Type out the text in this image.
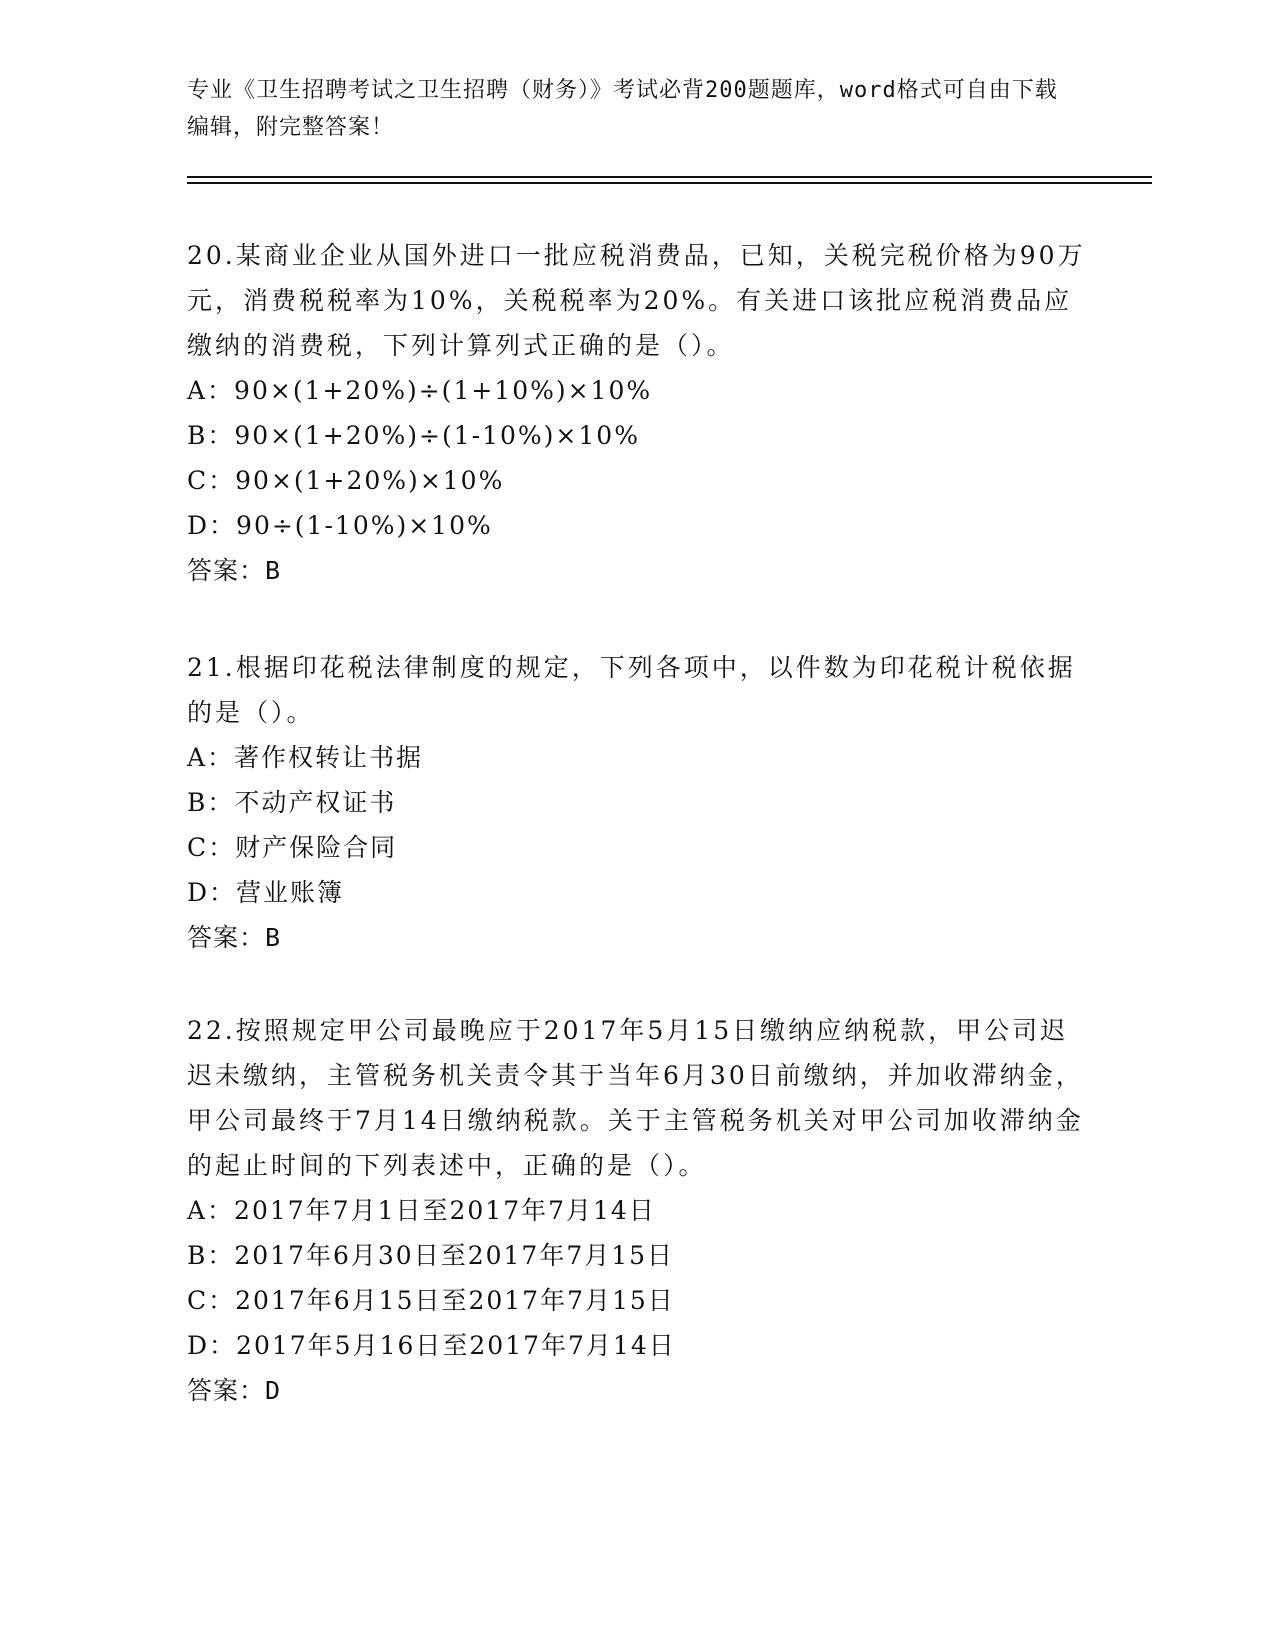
专业《卫生招聘考试之卫生招聘（财务）》考试必背200题题库，word格式可自由下载编辑，附完整答案！

20.某商业企业从国外进口一批应税消费品，已知，关税完税价格为90万元，消费税税率为10%，关税税率为20%。有关进口该批应税消费品应缴纳的消费税，下列计算列式正确的是（）。

A：90×(1+20%)÷(1+10%)×10%
B：90×(1+20%)÷(1-10%)×10%
C：90×(1+20%)×10%
D：90÷(1-10%)×10%
答案：B

21.根据印花税法律制度的规定，下列各项中，以件数为印花税计税依据的是（）。

A：著作权转让书据
B：不动产权证书
C：财产保险合同
D：营业账簿
答案：B

22.按照规定甲公司最晚应于2017年5月15日缴纳应纳税款，甲公司迟迟未缴纳，主管税务机关责令其于当年6月30日前缴纳，并加收滞纳金，甲公司最终于7月14日缴纳税款。关于主管税务机关对甲公司加收滞纳金的起止时间的下列表述中，正确的是（）。

A：2017年7月1日至2017年7月14日
B：2017年6月30日至2017年7月15日
C：2017年6月15日至2017年7月15日
D：2017年5月16日至2017年7月14日
答案：D
